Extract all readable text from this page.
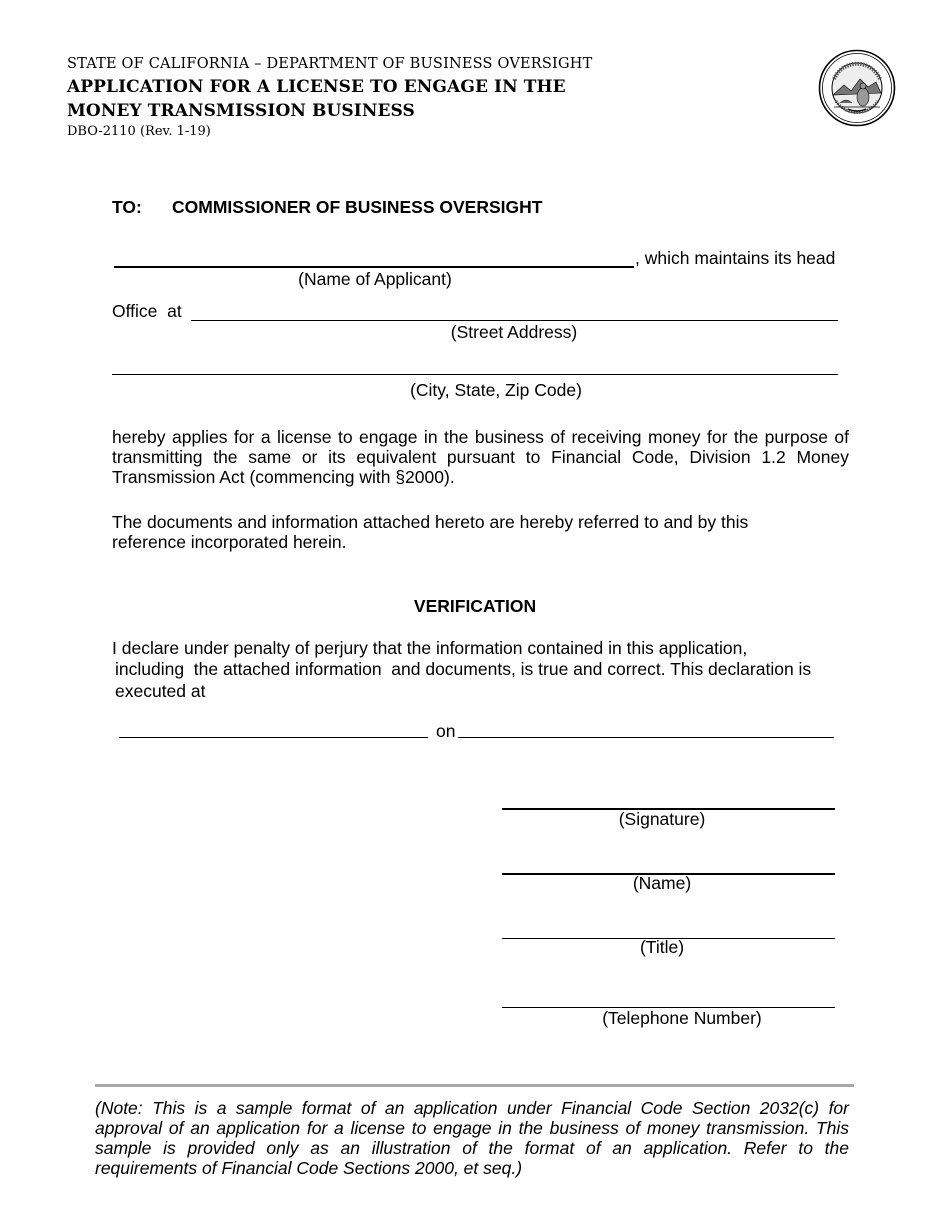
STATE OF CALIFORNIA – DEPARTMENT OF BUSINESS OVERSIGHT
APPLICATION FOR A LICENSE TO ENGAGE IN THE
MONEY TRANSMISSION BUSINESS
DBO-2110 (Rev. 1-19)
TO: COMMISSIONER OF BUSINESS OVERSIGHT
, which maintains its head
(Name of Applicant)
Office  at
(Street Address)
(City, State, Zip Code)
hereby applies for a license to engage in the business of receiving money for the purpose of transmitting the same or its equivalent pursuant to Financial Code, Division 1.2 Money Transmission Act (commencing with §2000).
The documents and information attached hereto are hereby referred to and by this reference incorporated herein.
VERIFICATION
I declare under penalty of perjury that the information contained in this application,
including  the attached information  and documents, is true and correct. This declaration is
executed at
on
(Signature)
(Name)
(Title)
(Telephone Number)
(Note: This is a sample format of an application under Financial Code Section 2032(c) for approval of an application for a license to engage in the business of money transmission. This sample is provided only as an illustration of the format of an application. Refer to the requirements of Financial Code Sections 2000, et seq.)
